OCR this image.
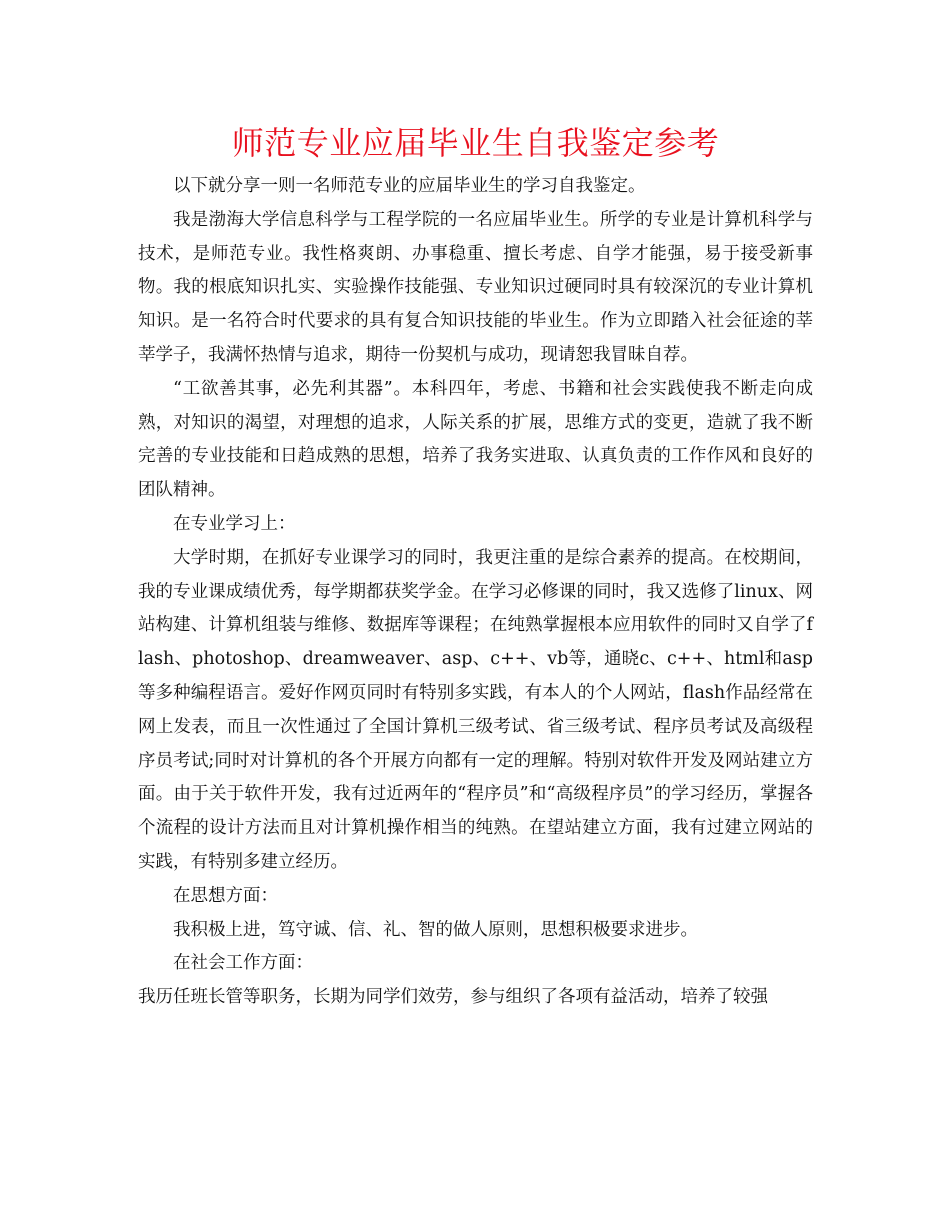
师范专业应届毕业生自我鉴定参考

以下就分享一则一名师范专业的应届毕业生的学习自我鉴定。

我是渤海大学信息科学与工程学院的一名应届毕业生。所学的专业是计算机科学与技术，是师范专业。我性格爽朗、办事稳重、擅长考虑、自学才能强，易于接受新事物。我的根底知识扎实、实验操作技能强、专业知识过硬同时具有较深沉的专业计算机知识。是一名符合时代要求的具有复合知识技能的毕业生。作为立即踏入社会征途的莘莘学子，我满怀热情与追求，期待一份契机与成功，现请恕我冒昧自荐。

“工欲善其事，必先利其器”。本科四年，考虑、书籍和社会实践使我不断走向成熟，对知识的渴望，对理想的追求，人际关系的扩展，思维方式的变更，造就了我不断完善的专业技能和日趋成熟的思想，培养了我务实进取、认真负责的工作作风和良好的团队精神。

在专业学习上：

大学时期，在抓好专业课学习的同时，我更注重的是综合素养的提高。在校期间，我的专业课成绩优秀，每学期都获奖学金。在学习必修课的同时，我又选修了linux、网站构建、计算机组装与维修、数据库等课程；在纯熟掌握根本应用软件的同时又自学了flash、photoshop、dreamweaver、asp、c++、vb等，通晓c、c++、html和asp等多种编程语言。爱好作网页同时有特别多实践，有本人的个人网站，flash作品经常在网上发表，而且一次性通过了全国计算机三级考试、省三级考试、程序员考试及高级程序员考试;同时对计算机的各个开展方向都有一定的理解。特别对软件开发及网站建立方面。由于关于软件开发，我有过近两年的“程序员”和“高级程序员”的学习经历，掌握各个流程的设计方法而且对计算机操作相当的纯熟。在望站建立方面，我有过建立网站的实践，有特别多建立经历。

在思想方面：

我积极上进，笃守诚、信、礼、智的做人原则，思想积极要求进步。

在社会工作方面：

我历任班长管等职务，长期为同学们效劳，参与组织了各项有益活动，培养了较强
